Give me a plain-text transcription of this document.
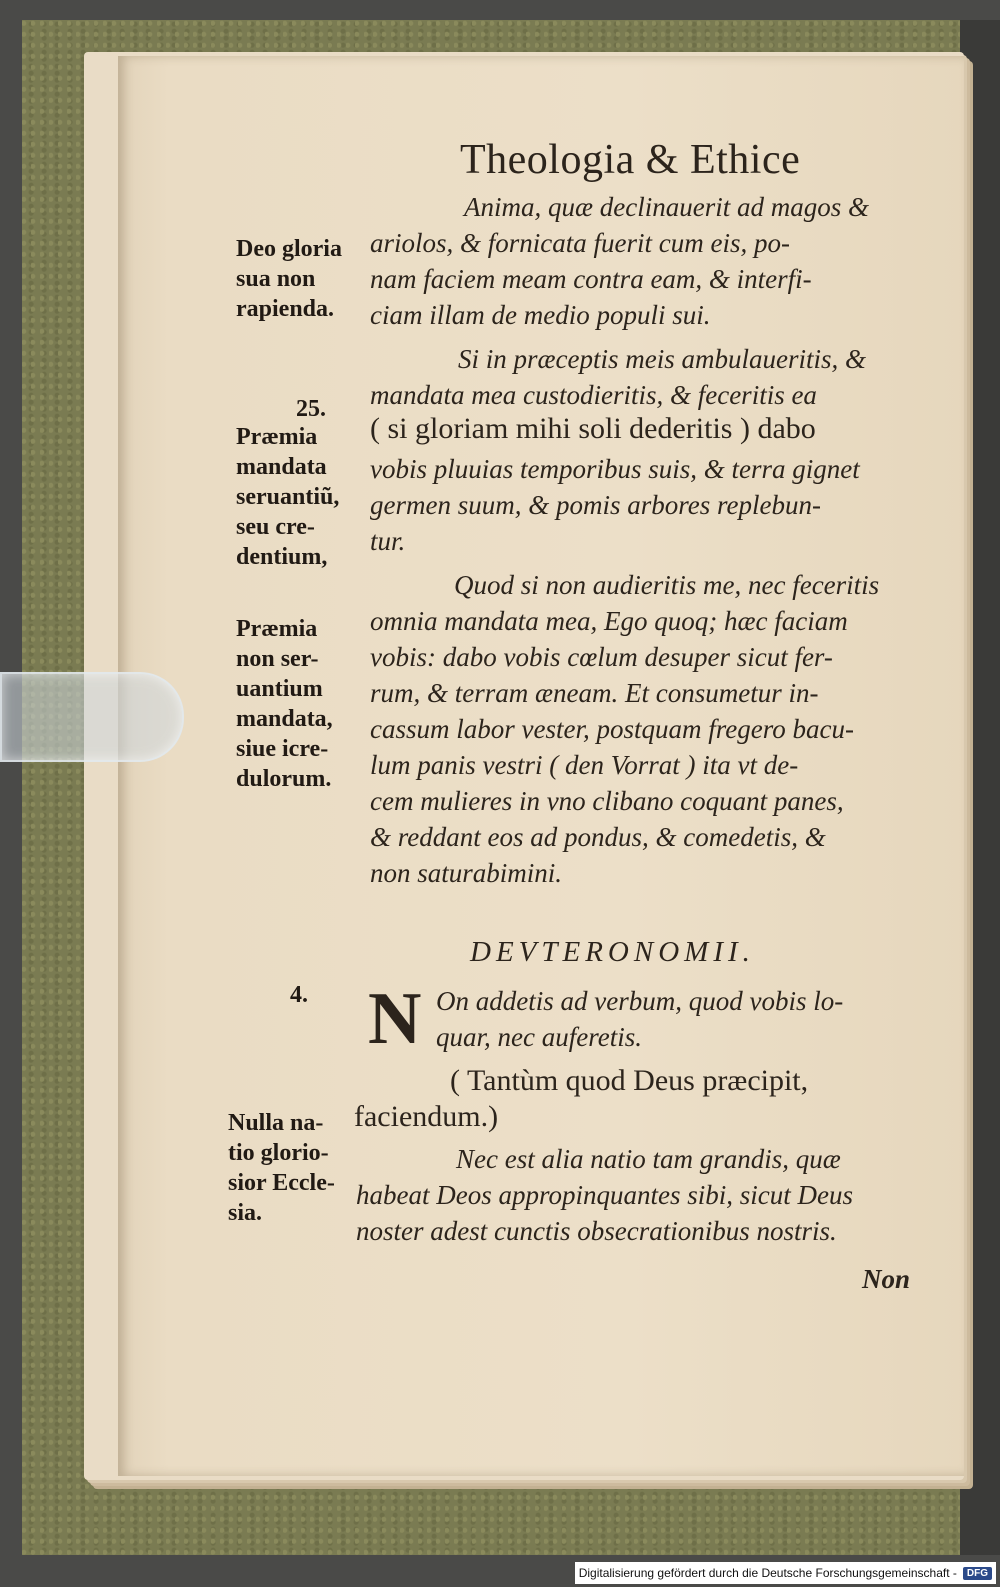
Theologia & Ethice
Deo gloria
sua non
rapienda.
25.
Præmia
mandata
seruantiũ,
seu cre-
dentium,
Præmia
non ser-
uantium
mandata,
siue icre-
dulorum.
4.
Nulla na-
tio glorio-
sior Eccle-
sia.
Anima, quæ declinauerit ad magos &
ariolos, & fornicata fuerit cum eis, po-
nam faciem meam contra eam, & interfi-
ciam illam de medio populi sui.
Si in præceptis meis ambulaueritis, &
mandata mea custodieritis, & feceritis ea
( si gloriam mihi soli dederitis ) dabo
vobis pluuias temporibus suis, & terra gignet
germen suum, & pomis arbores replebun-
tur.
Quod si non audieritis me, nec feceritis
omnia mandata mea, Ego quoq; hæc faciam
vobis: dabo vobis cœlum desuper sicut fer-
rum, & terram æneam. Et consumetur in-
cassum labor vester, postquam fregero bacu-
lum panis vestri ( den Vorrat ) ita vt de-
cem mulieres in vno clibano coquant panes,
& reddant eos ad pondus, & comedetis, &
non saturabimini.
DEVTERONOMII.
N On addetis ad verbum, quod vobis lo-
quar, nec auferetis.
( Tantùm quod Deus præcipit,
faciendum.)
Nec est alia natio tam grandis, quæ
habeat Deos appropinquantes sibi, sicut Deus
noster adest cunctis obsecrationibus nostris.
Non
Digitalisierung gefördert durch die Deutsche Forschungsgemeinschaft -	DFG
